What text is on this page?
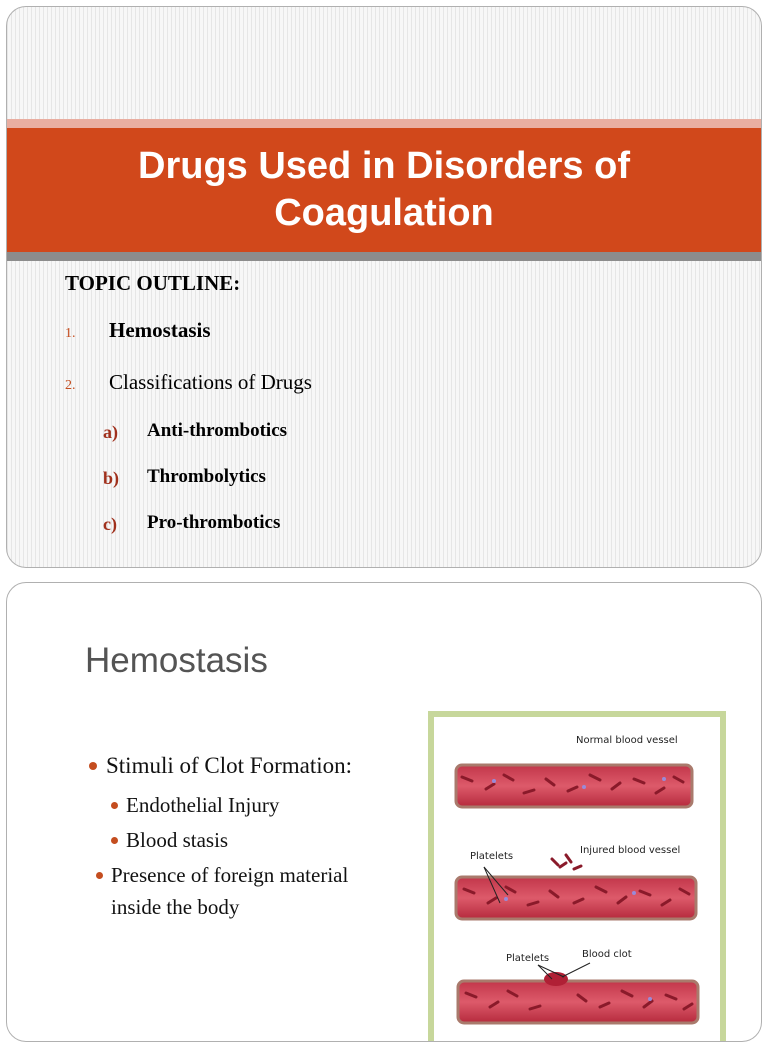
Drugs Used in Disorders of Coagulation
TOPIC OUTLINE:
1. Hemostasis
2. Classifications of Drugs
a) Anti-thrombotics
b) Thrombolytics
c) Pro-thrombotics
Hemostasis
Stimuli of Clot Formation:
Endothelial Injury
Blood stasis
Presence of foreign material inside the body
Normal blood vessel
Injured blood vessel
Platelets
Platelets	Blood clot
